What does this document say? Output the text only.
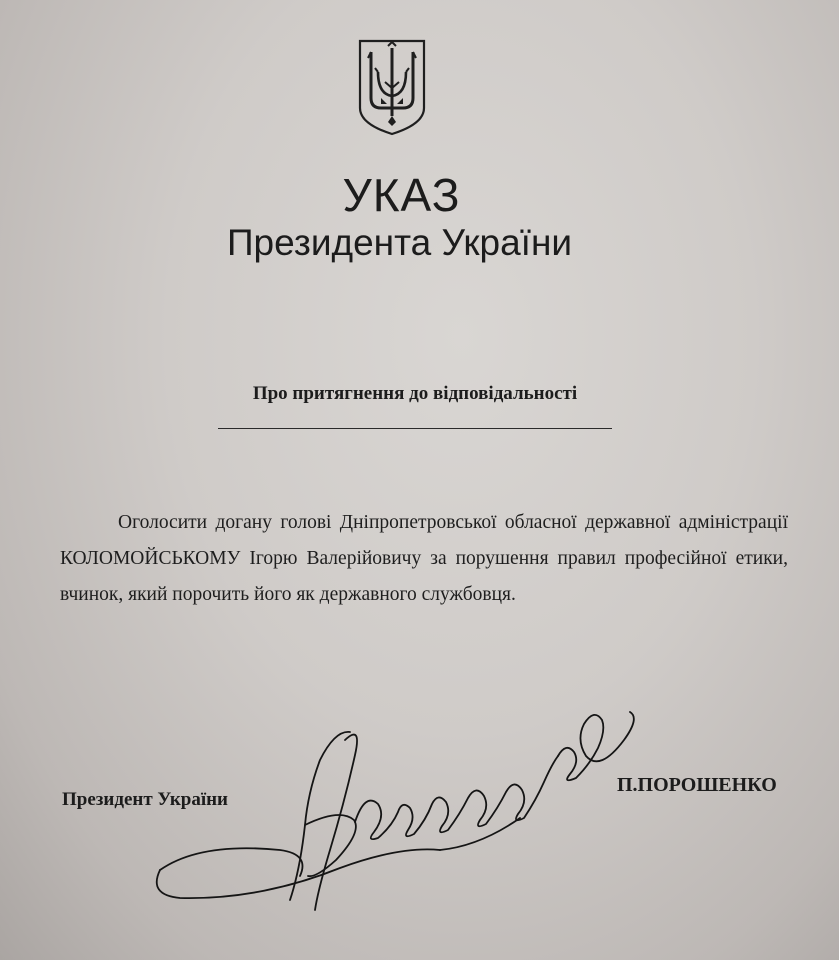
УКАЗ
Президента України
Про притягнення до відповідальності
Оголосити догану голові Дніпропетровської обласної державної адміністрації КОЛОМОЙСЬКОМУ Ігорю Валерійовичу за порушення правил професійної етики, вчинок, який порочить його як державного службовця.
Президент України
П.ПОРОШЕНКО
